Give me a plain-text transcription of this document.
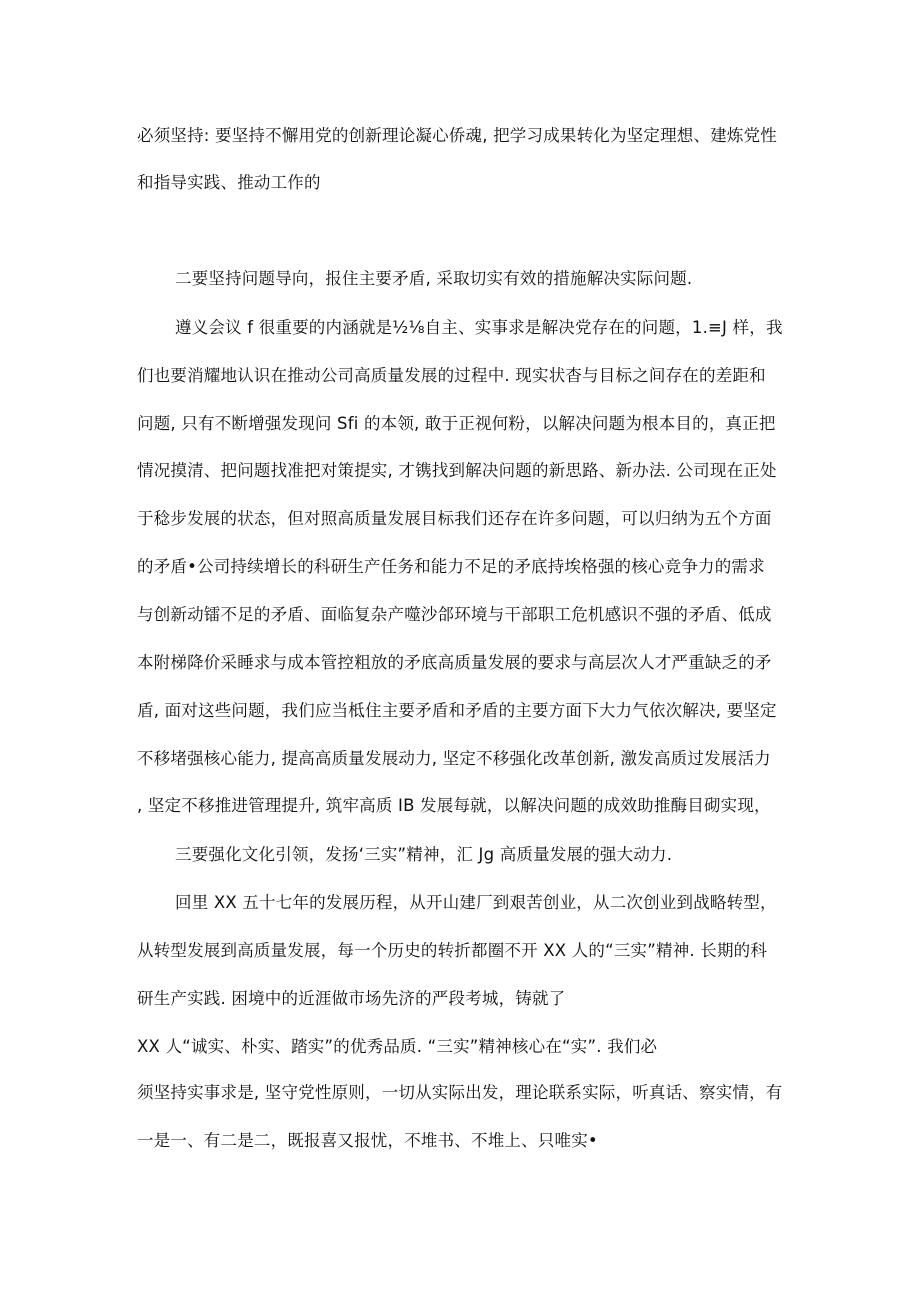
必须坚持: 要坚持不懈用党的创新理论凝心侨魂, 把学习成果转化为坚定理想、建炼党性
和指导实践、推动工作的
二要坚持问题导向，报住主要矛盾, 采取切实有效的措施解决实际问题.
遵义会议 f 很重要的内涵就是½⅛自主、实事求是解决党存在的问题，1.≡J 样，我
们也要消耀地认识在推动公司高质量发展的过程中. 现实状杳与目标之间存在的差距和
问题, 只有不断增强发现问 Sfi 的本领, 敢于正视何粉，以解决问题为根本目的，真正把
情况摸清、把问题找准把对策提实, 才镌找到解决问题的新思路、新办法. 公司现在正处
于稔步发展的状态，但对照高质量发展目标我们还存在许多问题，可以归纳为五个方面
的矛盾•公司持续增长的科研生产任务和能力不足的矛底持埃格强的核心竞争力的需求
与创新动镭不足的矛盾、面临复杂产噬沙郃环境与干部职工危机感识不强的矛盾、低成
本附梯降价采睡求与成本管控粗放的矛底高质量发展的要求与高层次人才严重缺乏的矛
盾, 面对这些问题，我们应当柢住主要矛盾和矛盾的主要方面下大力气依次解决, 要坚定
不移堵强核心能力, 提高高质量发展动力, 坚定不移强化改革创新, 激发高质过发展活力
, 坚定不移推进管理提升, 筑牢高质 IB 发展每就，以解决问题的成效助推酶目砌实现，
三要强化文化引领，发扬‘三实”精神，汇 Jg 高质量发展的强大动力.
回里 XX 五十七年的发展历程，从开山建厂到艰苦创业，从二次创业到战略转型，
从转型发展到高质量发展，每一个历史的转折都圈不开 XX 人的“三实”精神. 长期的科
研生产实践. 困境中的近涯做市场先济的严段考城，铸就了
XX 人“诚实、朴实、踏实”的优秀品质. “三实”精神核心在“实”. 我们必
须坚持实事求是, 坚守党性原则，一切从实际出发，理论联系实际，听真话、察实情，有
一是一、有二是二，既报喜又报忧，不堆书、不堆上、只唯实•
